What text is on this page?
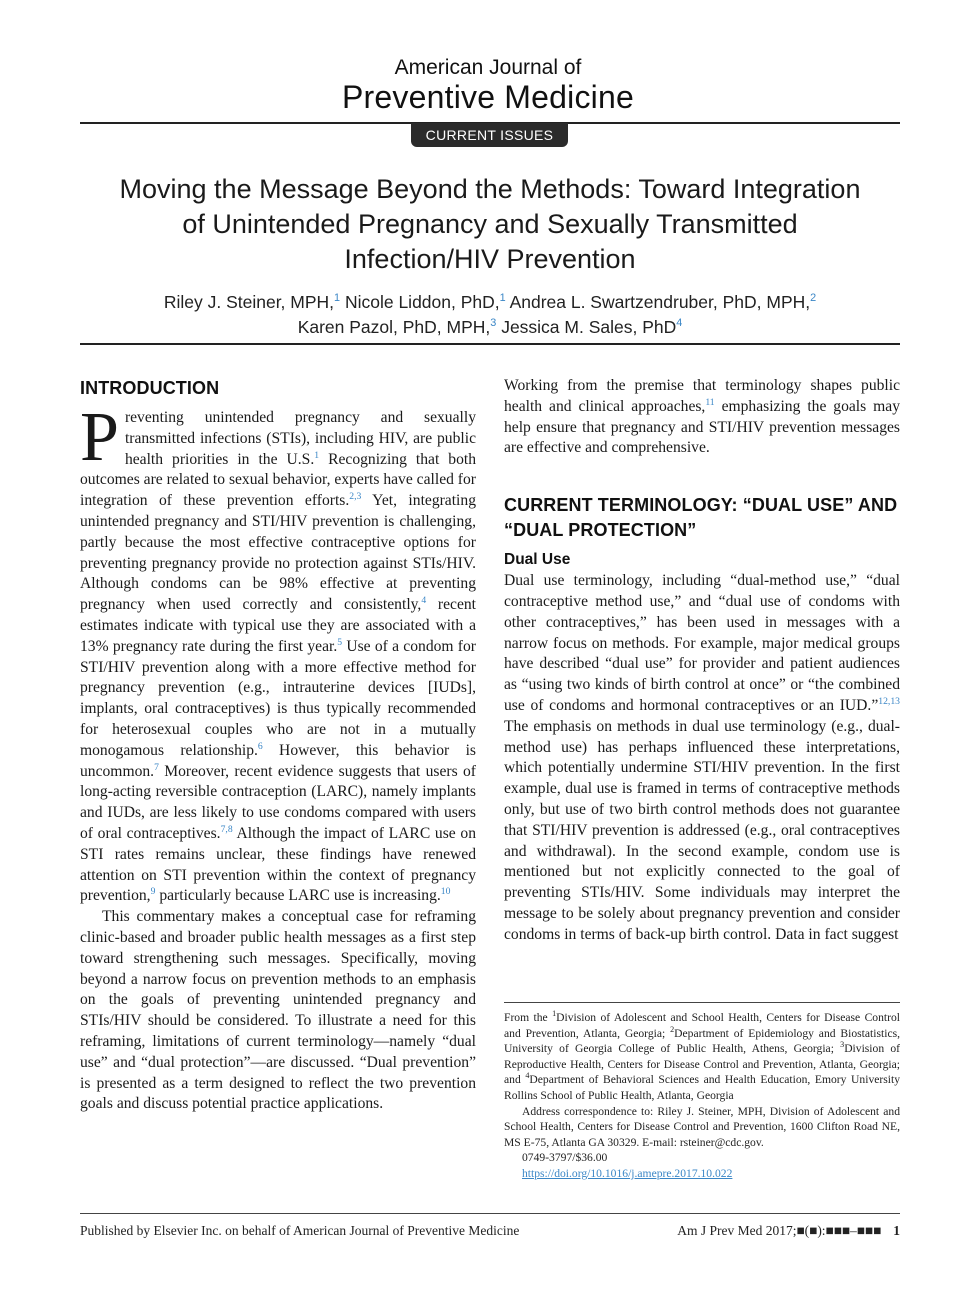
American Journal of
Preventive Medicine
CURRENT ISSUES
Moving the Message Beyond the Methods: Toward Integration of Unintended Pregnancy and Sexually Transmitted Infection/HIV Prevention
Riley J. Steiner, MPH,$^1$ Nicole Liddon, PhD,$^1$ Andrea L. Swartzendruber, PhD, MPH,$^2$
Karen Pazol, PhD, MPH,$^3$ Jessica M. Sales, PhD$^4$
INTRODUCTION

Preventing unintended pregnancy and sexually transmitted infections (STIs), including HIV, are public health priorities in the U.S.$^1$ Recognizing that both outcomes are related to sexual behavior, experts have called for integration of these prevention efforts.$^{2,3}$ Yet, integrating unintended pregnancy and STI/HIV prevention is challenging, partly because the most effective contraceptive options for preventing pregnancy provide no protection against STIs/HIV. Although condoms can be 98% effective at preventing pregnancy when used correctly and consistently,$^4$ recent estimates indicate with typical use they are associated with a 13% pregnancy rate during the first year.$^5$ Use of a condom for STI/HIV prevention along with a more effective method for pregnancy prevention (e.g., intrauterine devices [IUDs], implants, oral contraceptives) is thus typically recommended for heterosexual couples who are not in a mutually monogamous relationship.$^6$ However, this behavior is uncommon.$^7$ Moreover, recent evidence suggests that users of long-acting reversible contraception (LARC), namely implants and IUDs, are less likely to use condoms compared with users of oral contraceptives.$^{7,8}$ Although the impact of LARC use on STI rates remains unclear, these findings have renewed attention on STI prevention within the context of pregnancy prevention,$^9$ particularly because LARC use is increasing.$^{10}$

This commentary makes a conceptual case for reframing clinic-based and broader public health messages as a first step toward strengthening such messages. Specifically, moving beyond a narrow focus on prevention methods to an emphasis on the goals of preventing unintended pregnancy and STIs/HIV should be considered. To illustrate a need for this reframing, limitations of current terminology—namely “dual use” and “dual protection”—are discussed. “Dual prevention” is presented as a term designed to reflect the two prevention goals and discuss potential practice applications.

Working from the premise that terminology shapes public health and clinical approaches,$^{11}$ emphasizing the goals may help ensure that pregnancy and STI/HIV prevention messages are effective and comprehensive.

CURRENT TERMINOLOGY: “DUAL USE” AND “DUAL PROTECTION”
Dual Use

Dual use terminology, including “dual-method use,” “dual contraceptive method use,” and “dual use of condoms with other contraceptives,” has been used in messages with a narrow focus on methods. For example, major medical groups have described “dual use” for provider and patient audiences as “using two kinds of birth control at once” or “the combined use of condoms and hormonal contraceptives or an IUD.”$^{12,13}$ The emphasis on methods in dual use terminology (e.g., dual-method use) has perhaps influenced these interpretations, which potentially undermine STI/HIV prevention. In the first example, dual use is framed in terms of contraceptive methods only, but use of two birth control methods does not guarantee that STI/HIV prevention is addressed (e.g., oral contraceptives and withdrawal). In the second example, condom use is mentioned but not explicitly connected to the goal of preventing STIs/HIV. Some individuals may interpret the message to be solely about pregnancy prevention and consider condoms in terms of back-up birth control. Data in fact suggest

From the $^1$Division of Adolescent and School Health, Centers for Disease Control and Prevention, Atlanta, Georgia; $^2$Department of Epidemiology and Biostatistics, University of Georgia College of Public Health, Athens, Georgia; $^3$Division of Reproductive Health, Centers for Disease Control and Prevention, Atlanta, Georgia; and $^4$Department of Behavioral Sciences and Health Education, Emory University Rollins School of Public Health, Atlanta, Georgia

Address correspondence to: Riley J. Steiner, MPH, Division of Adolescent and School Health, Centers for Disease Control and Prevention, 1600 Clifton Road NE, MS E-75, Atlanta GA 30329. E-mail: rsteiner@cdc.gov.

0749-3797/$36.00

https://doi.org/10.1016/j.amepre.2017.10.022

Published by Elsevier Inc. on behalf of American Journal of Preventive Medicine	Am J Prev Med 2017;■(■):■■■–■■■ 1
